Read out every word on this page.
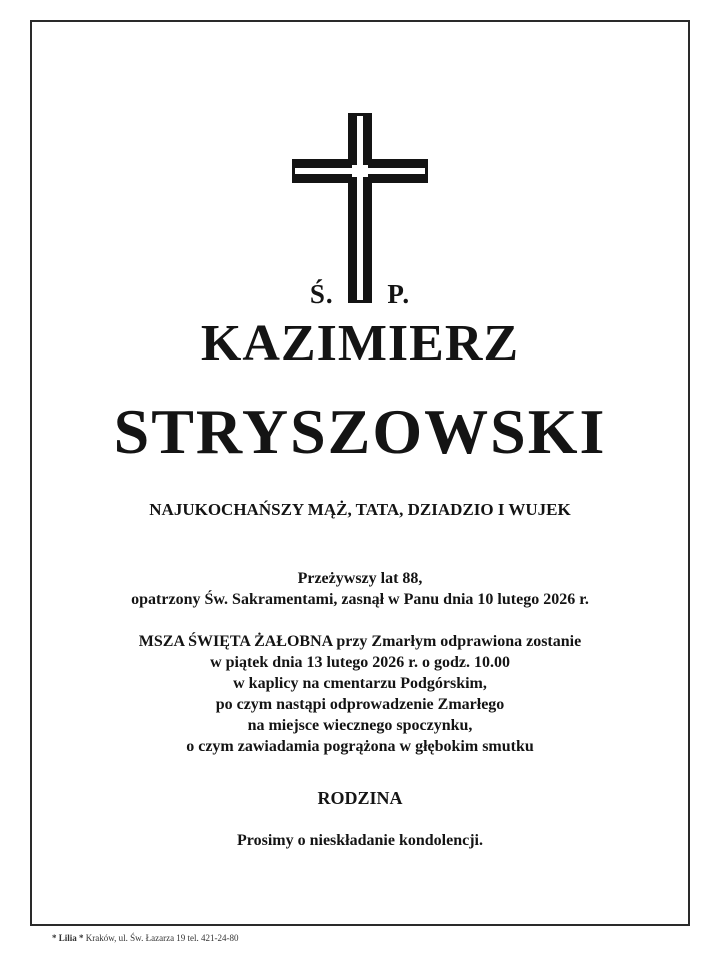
Ś. P.
KAZIMIERZ
STRYSZOWSKI
NAJUKOCHAŃSZY MĄŻ, TATA, DZIADZIO I WUJEK
Przeżywszy lat 88,
opatrzony Św. Sakramentami, zasnął w Panu dnia 10 lutego 2026 r.
MSZA ŚWIĘTA ŻAŁOBNA przy Zmarłym odprawiona zostanie
w piątek dnia 13 lutego 2026 r. o godz. 10.00
w kaplicy na cmentarzu Podgórskim,
po czym nastąpi odprowadzenie Zmarłego
na miejsce wiecznego spoczynku,
o czym zawiadamia pogrążona w głębokim smutku
RODZINA
Prosimy o nieskładanie kondolencji.
* Lilia * Kraków, ul. Św. Łazarza 19 tel. 421-24-80
